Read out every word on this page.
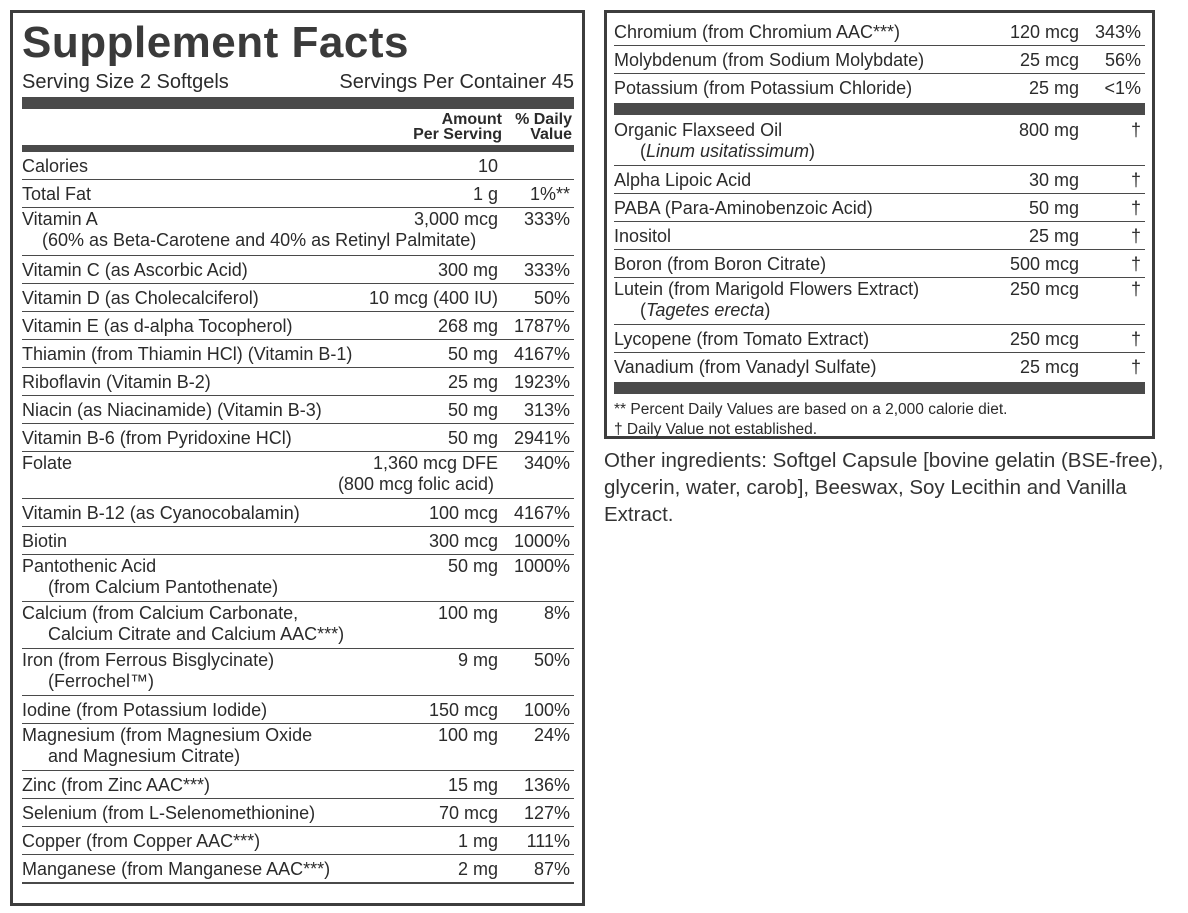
Supplement Facts
Serving Size 2 Softgels	Servings Per Container 45
Amount
Per Serving
% Daily
Value
Calories	10
Total Fat	1 g	1%**
Vitamin A	3,000 mcg	333%
(60% as Beta-Carotene and 40% as Retinyl Palmitate)
Vitamin C (as Ascorbic Acid)	300 mg	333%
Vitamin D (as Cholecalciferol)	10 mcg (400 IU)	50%
Vitamin E (as d-alpha Tocopherol)	268 mg 1787%
Thiamin (from Thiamin HCl) (Vitamin B-1)	50 mg 4167%
Riboflavin (Vitamin B-2)	25 mg 1923%
Niacin (as Niacinamide) (Vitamin B-3)	50 mg	313%
Vitamin B-6 (from Pyridoxine HCl)	50 mg 2941%
Folate	1,360 mcg DFE	340%
(800 mcg folic acid)
Vitamin B-12 (as Cyanocobalamin)	100 mcg 4167%
Biotin	300 mcg 1000%
Pantothenic Acid	50 mg 1000%
(from Calcium Pantothenate)
Calcium (from Calcium Carbonate,	100 mg	8%
Calcium Citrate and Calcium AAC***)
Iron (from Ferrous Bisglycinate)	9 mg	50%
(Ferrochel™)
Iodine (from Potassium Iodide)	150 mcg	100%
Magnesium (from Magnesium Oxide	100 mg	24%
and Magnesium Citrate)
Zinc (from Zinc AAC***)	15 mg	136%
Selenium (from L-Selenomethionine)	70 mcg	127%
Copper (from Copper AAC***)	1 mg	111%
Manganese (from Manganese AAC***)	2 mg	87%
Chromium (from Chromium AAC***)	120 mcg 343%
Molybdenum (from Sodium Molybdate)	25 mcg	56%
Potassium (from Potassium Chloride)	25 mg	<1%
Organic Flaxseed Oil	800 mg	†
(Linum usitatissimum)
Alpha Lipoic Acid	30 mg	†
PABA (Para-Aminobenzoic Acid)	50 mg	†
Inositol	25 mg	†
Boron (from Boron Citrate)	500 mcg	†
Lutein (from Marigold Flowers Extract)	250 mcg	†
(Tagetes erecta)
Lycopene (from Tomato Extract)	250 mcg	†
Vanadium (from Vanadyl Sulfate)	25 mcg	†
** Percent Daily Values are based on a 2,000 calorie diet.
† Daily Value not established.
Other ingredients: Softgel Capsule [bovine gelatin (BSE-free), glycerin, water, carob], Beeswax, Soy Lecithin and Vanilla Extract.
